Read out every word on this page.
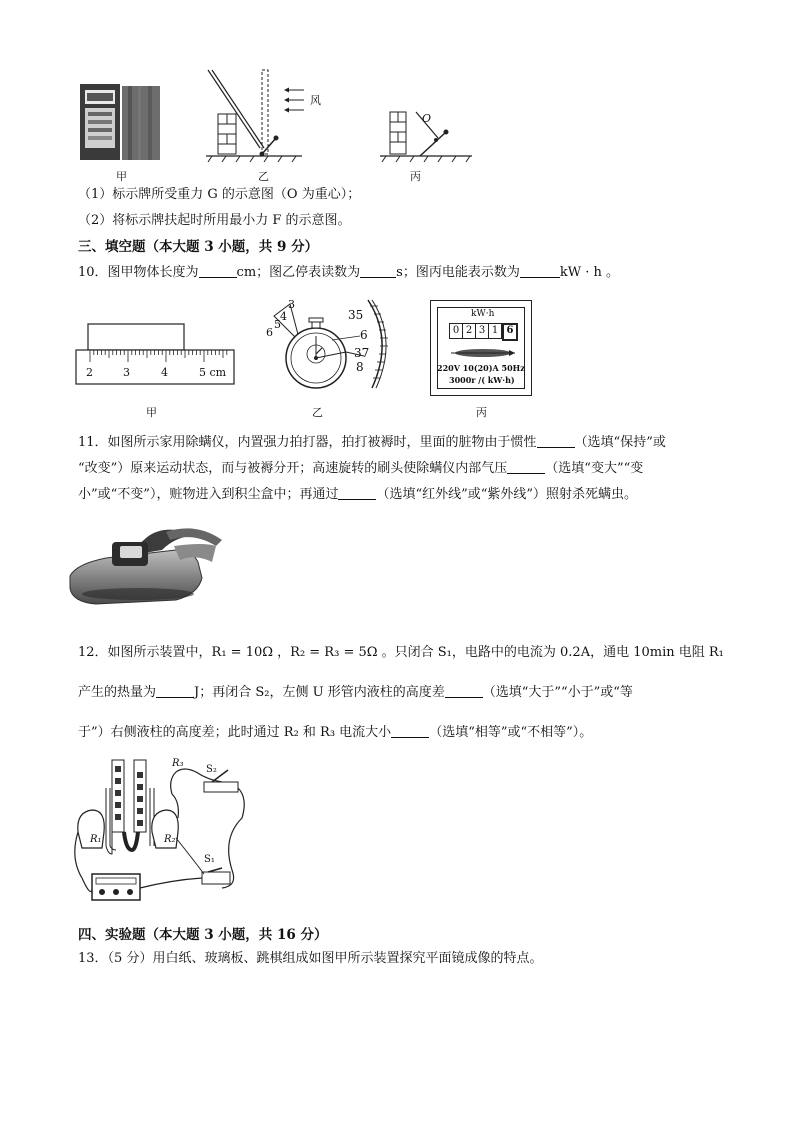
甲
风
乙
O
丙
（1）标示牌所受重力 G 的示意图（O 为重心）；
（2）将标示牌扶起时所用最小力 F 的示意图。
三、填空题（本大题 3 小题，共 9 分）
10．图甲物体长度为	cm；图乙停表读数为	s；图丙电能表示数为	kW · h 。
2	3	4	5 cm
甲
3
4
5
6
35
6
37
8
乙
kW·h
0 2 3 1 6
220V 10(20)A 50Hz
3000r /( kW·h)
丙
11．如图所示家用除螨仪，内置强力拍打器，拍打被褥时，里面的脏物由于惯性	（选填“保持”或
“改变”）原来运动状态，而与被褥分开；高速旋转的刷头使除螨仪内部气压	（选填“变大”“变
小”或“不变”），赃物进入到积尘盒中；再通过	（选填“红外线”或“紫外线”）照射杀死螨虫。
12．如图所示装置中，R₁ = 10Ω ，R₂ = R₃ = 5Ω 。只闭合 S₁，电路中的电流为 0.2A，通电 10min 电阻 R₁
产生的热量为	J；再闭合 S₂，左侧 U 形管内液柱的高度差	（选填“大于”“小于”或“等
于”）右侧液柱的高度差；此时通过 R₂ 和 R₃ 电流大小	（选填“相等”或“不相等”）。
R₁	R₂
R₃
S₂
S₁
四、实验题（本大题 3 小题，共 16 分）
13．（5 分）用白纸、玻璃板、跳棋组成如图甲所示装置探究平面镜成像的特点。
